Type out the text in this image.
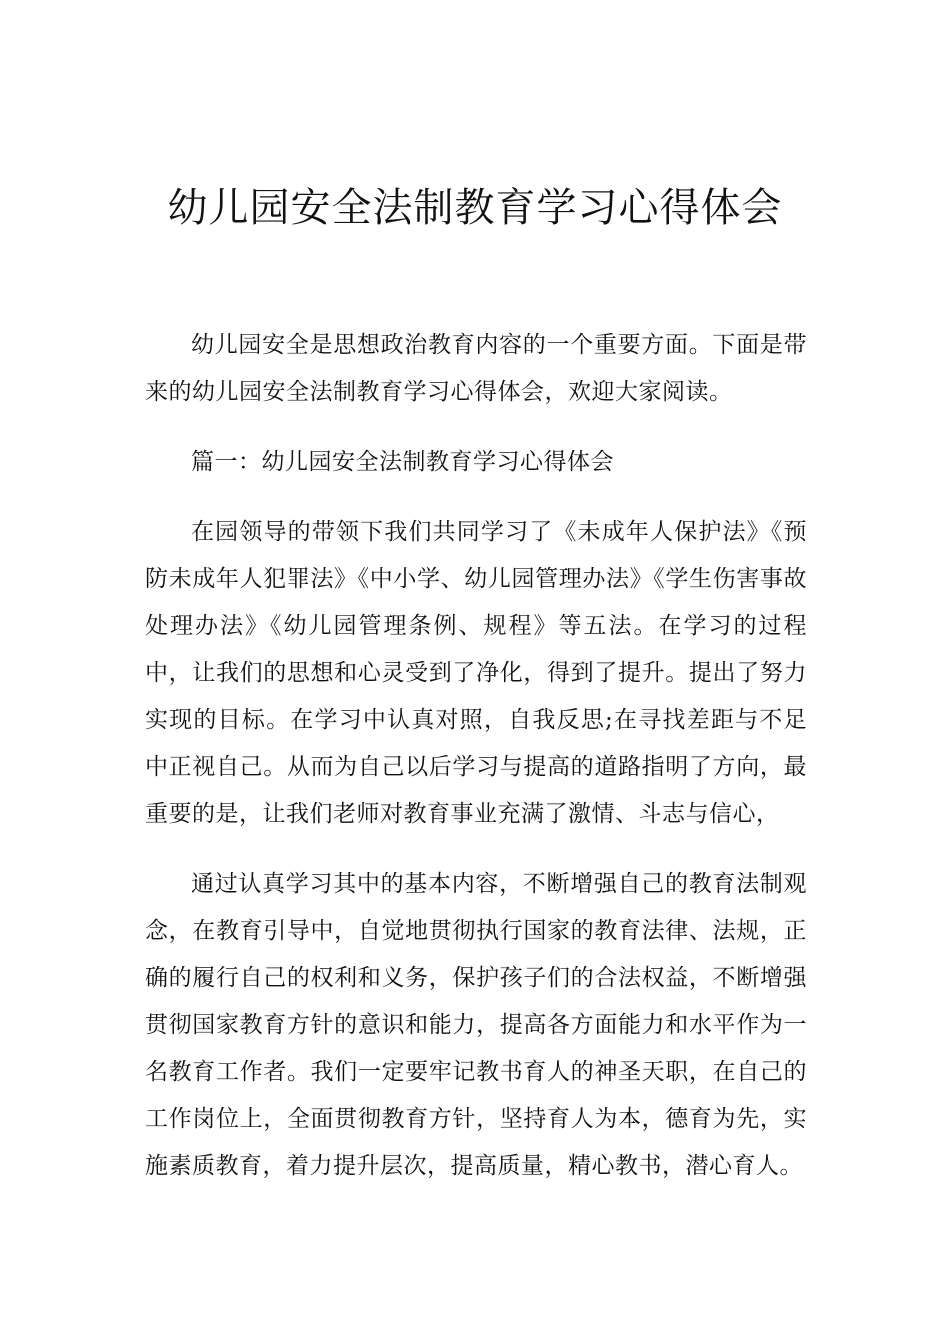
幼儿园安全法制教育学习心得体会

幼儿园安全是思想政治教育内容的一个重要方面。下面是带来的幼儿园安全法制教育学习心得体会，欢迎大家阅读。

篇一：幼儿园安全法制教育学习心得体会

在园领导的带领下我们共同学习了《未成年人保护法》《预防未成年人犯罪法》《中小学、幼儿园管理办法》《学生伤害事故处理办法》《幼儿园管理条例、规程》等五法。在学习的过程中，让我们的思想和心灵受到了净化，得到了提升。提出了努力实现的目标。在学习中认真对照，自我反思;在寻找差距与不足中正视自己。从而为自己以后学习与提高的道路指明了方向，最重要的是，让我们老师对教育事业充满了激情、斗志与信心，

通过认真学习其中的基本内容，不断增强自己的教育法制观念，在教育引导中，自觉地贯彻执行国家的教育法律、法规，正确的履行自己的权利和义务，保护孩子们的合法权益，不断增强贯彻国家教育方针的意识和能力，提高各方面能力和水平作为一名教育工作者。我们一定要牢记教书育人的神圣天职，在自己的工作岗位上，全面贯彻教育方针，坚持育人为本，德育为先，实施素质教育，着力提升层次，提高质量，精心教书，潜心育人。
